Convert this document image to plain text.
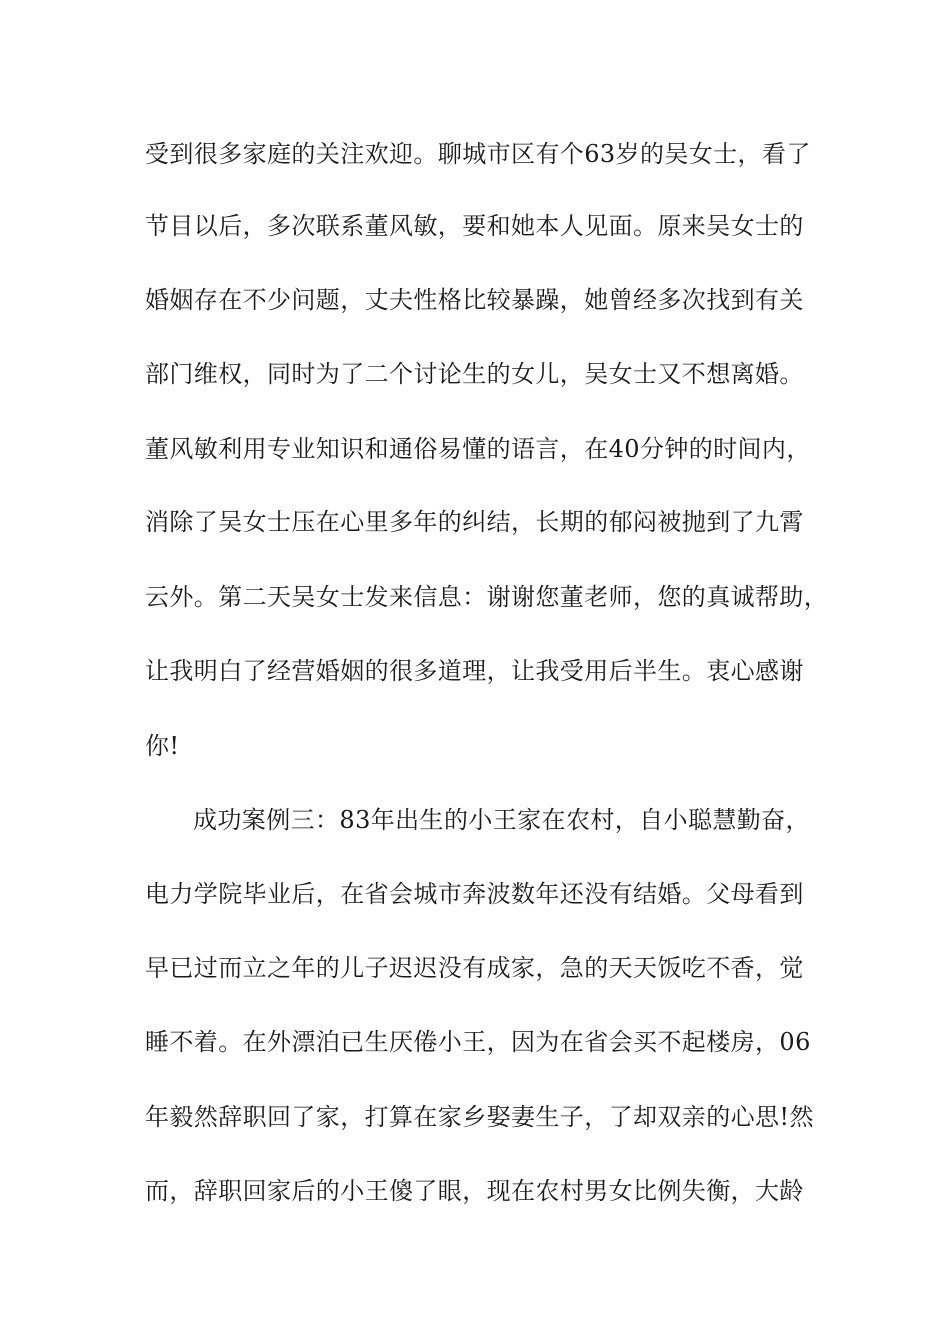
受到很多家庭的关注欢迎。聊城市区有个63岁的吴女士，看了
节目以后，多次联系董风敏，要和她本人见面。原来吴女士的
婚姻存在不少问题，丈夫性格比较暴躁，她曾经多次找到有关
部门维权，同时为了二个讨论生的女儿，吴女士又不想离婚。
董风敏利用专业知识和通俗易懂的语言，在40分钟的时间内，
消除了吴女士压在心里多年的纠结，长期的郁闷被抛到了九霄
云外。第二天吴女士发来信息：谢谢您董老师，您的真诚帮助，
让我明白了经营婚姻的很多道理，让我受用后半生。衷心感谢
你!
成功案例三：83年出生的小王家在农村，自小聪慧勤奋，
电力学院毕业后，在省会城市奔波数年还没有结婚。父母看到
早已过而立之年的儿子迟迟没有成家，急的天天饭吃不香，觉
睡不着。在外漂泊已生厌倦小王，因为在省会买不起楼房，06
年毅然辞职回了家，打算在家乡娶妻生子，了却双亲的心思!然
而，辞职回家后的小王傻了眼，现在农村男女比例失衡，大龄
